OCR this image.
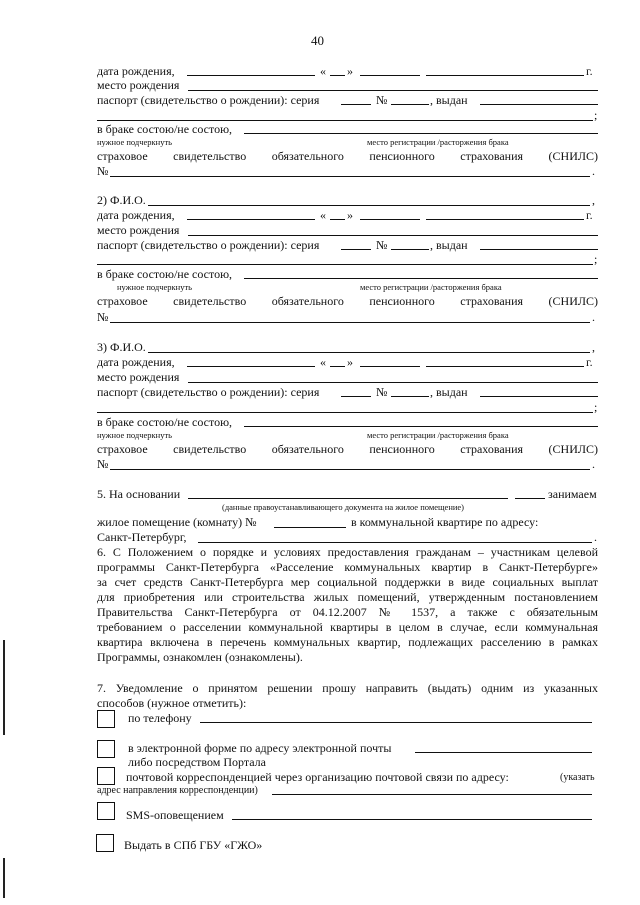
40
дата рождения,	« »	г.
место рождения
паспорт (свидетельство о рождении): серия	№	, выдан
;
в браке состою/не состою,
нужное подчеркнуть	место регистрации /расторжения брака
страховое свидетельство обязательного пенсионного страхования (СНИЛС)
№	.
2) Ф.И.О.	,
дата рождения,	« »	г.
место рождения
паспорт (свидетельство о рождении): серия	№	, выдан
;
в браке состою/не состою,
нужное подчеркнуть	место регистрации /расторжения брака
страховое свидетельство обязательного пенсионного страхования (СНИЛС)
№	.
3) Ф.И.О.	,
дата рождения,	« »	г.
место рождения
паспорт (свидетельство о рождении): серия	№	, выдан
;
в браке состою/не состою,
нужное подчеркнуть	место регистрации /расторжения брака
страховое свидетельство обязательного пенсионного страхования (СНИЛС)
№	.
5. На основании	занимаем
(данные правоустанавливающего документа на жилое помещение)
жилое помещение (комнату) №	в коммунальной квартире по адресу:
Санкт-Петербург,	.
6. С Положением о порядке и условиях предоставления гражданам – участникам целевой
программы Санкт-Петербурга «Расселение коммунальных квартир в Санкт-Петербурге»
за счет средств Санкт-Петербурга мер социальной поддержки в виде социальных выплат
для приобретения или строительства жилых помещений, утвержденным постановлением
Правительства Санкт-Петербурга от 04.12.2007 № 1537, а также с обязательным
требованием о расселении коммунальной квартиры в целом в случае, если коммунальная
квартира включена в перечень коммунальных квартир, подлежащих расселению в рамках
Программы, ознакомлен (ознакомлены).
7. Уведомление о принятом решении прошу направить (выдать) одним из указанных
способов (нужное отметить):
по телефону
в электронной форме по адресу электронной почты
либо посредством Портала
почтовой корреспонденцией через организацию почтовой связи по адресу:	(указать
адрес направления корреспонденции)
SMS-оповещением
Выдать в СПб ГБУ «ГЖО»
